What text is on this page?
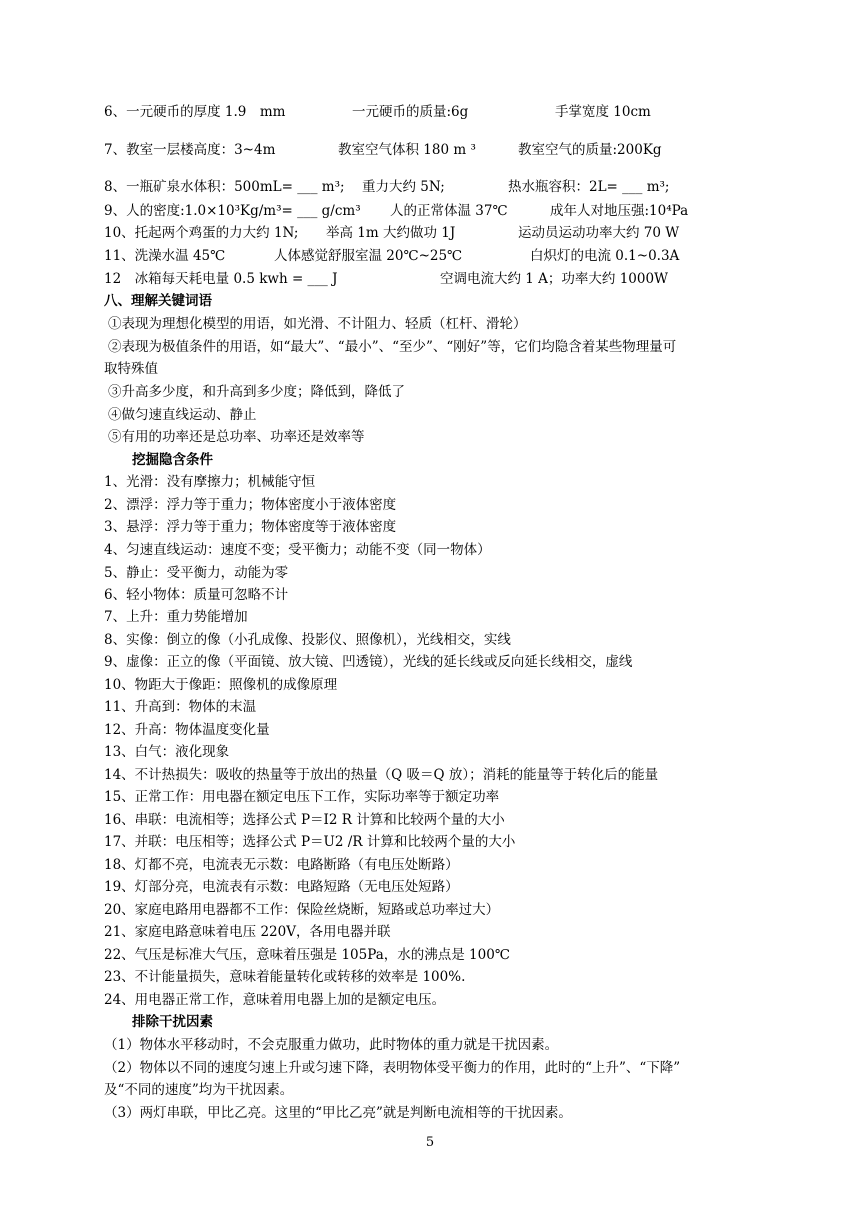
6、一元硬币的厚度 1.9　mm	一元硬币的质量:6g	手掌宽度 10cm
7、教室一层楼高度：3~4m	教室空气体积 180 m ³	教室空气的质量:200Kg
8、一瓶矿泉水体积：500mL= ___ m³; 重力大约 5N;	热水瓶容积：2L= ___ m³;
9、人的密度:1.0×10³Kg/m³= ___ g/cm³ 人的正常体温 37℃	成年人对地压强:10⁴Pa
10、托起两个鸡蛋的力大约 1N; 举高 1m 大约做功 1J	运动员运动功率大约 70 W
11、洗澡水温 45℃	人体感觉舒服室温 20℃~25℃	白炽灯的电流 0.1~0.3A
12　冰箱每天耗电量 0.5 kwh = ___ J	空调电流大约 1 A；功率大约 1000W
八、理解关键词语
①表现为理想化模型的用语，如光滑、不计阻力、轻质（杠杆、滑轮）
②表现为极值条件的用语，如“最大”、“最小”、“至少”、“刚好”等，它们均隐含着某些物理量可
取特殊值
③升高多少度，和升高到多少度；降低到，降低了
④做匀速直线运动、静止
⑤有用的功率还是总功率、功率还是效率等
挖掘隐含条件
1、光滑：没有摩擦力；机械能守恒
2、漂浮：浮力等于重力；物体密度小于液体密度
3、悬浮：浮力等于重力；物体密度等于液体密度
4、匀速直线运动：速度不变；受平衡力；动能不变（同一物体）
5、静止：受平衡力，动能为零
6、轻小物体：质量可忽略不计
7、上升：重力势能增加
8、实像：倒立的像（小孔成像、投影仪、照像机），光线相交，实线
9、虚像：正立的像（平面镜、放大镜、凹透镜），光线的延长线或反向延长线相交，虚线
10、物距大于像距：照像机的成像原理
11、升高到：物体的末温
12、升高：物体温度变化量
13、白气：液化现象
14、不计热损失：吸收的热量等于放出的热量（Q 吸＝Q 放）；消耗的能量等于转化后的能量
15、正常工作：用电器在额定电压下工作，实际功率等于额定功率
16、串联：电流相等；选择公式 P＝I2 R 计算和比较两个量的大小
17、并联：电压相等；选择公式 P＝U2 /R 计算和比较两个量的大小
18、灯都不亮，电流表无示数：电路断路（有电压处断路）
19、灯部分亮，电流表有示数：电路短路（无电压处短路）
20、家庭电路用电器都不工作：保险丝烧断，短路或总功率过大）
21、家庭电路意味着电压 220V，各用电器并联
22、气压是标准大气压，意味着压强是 105Pa，水的沸点是 100℃
23、不计能量损失，意味着能量转化或转移的效率是 100%.
24、用电器正常工作，意味着用电器上加的是额定电压。
排除干扰因素
（1）物体水平移动时，不会克服重力做功，此时物体的重力就是干扰因素。
（2）物体以不同的速度匀速上升或匀速下降，表明物体受平衡力的作用，此时的“上升”、“下降”
及“不同的速度”均为干扰因素。
（3）两灯串联，甲比乙亮。这里的“甲比乙亮”就是判断电流相等的干扰因素。
5
